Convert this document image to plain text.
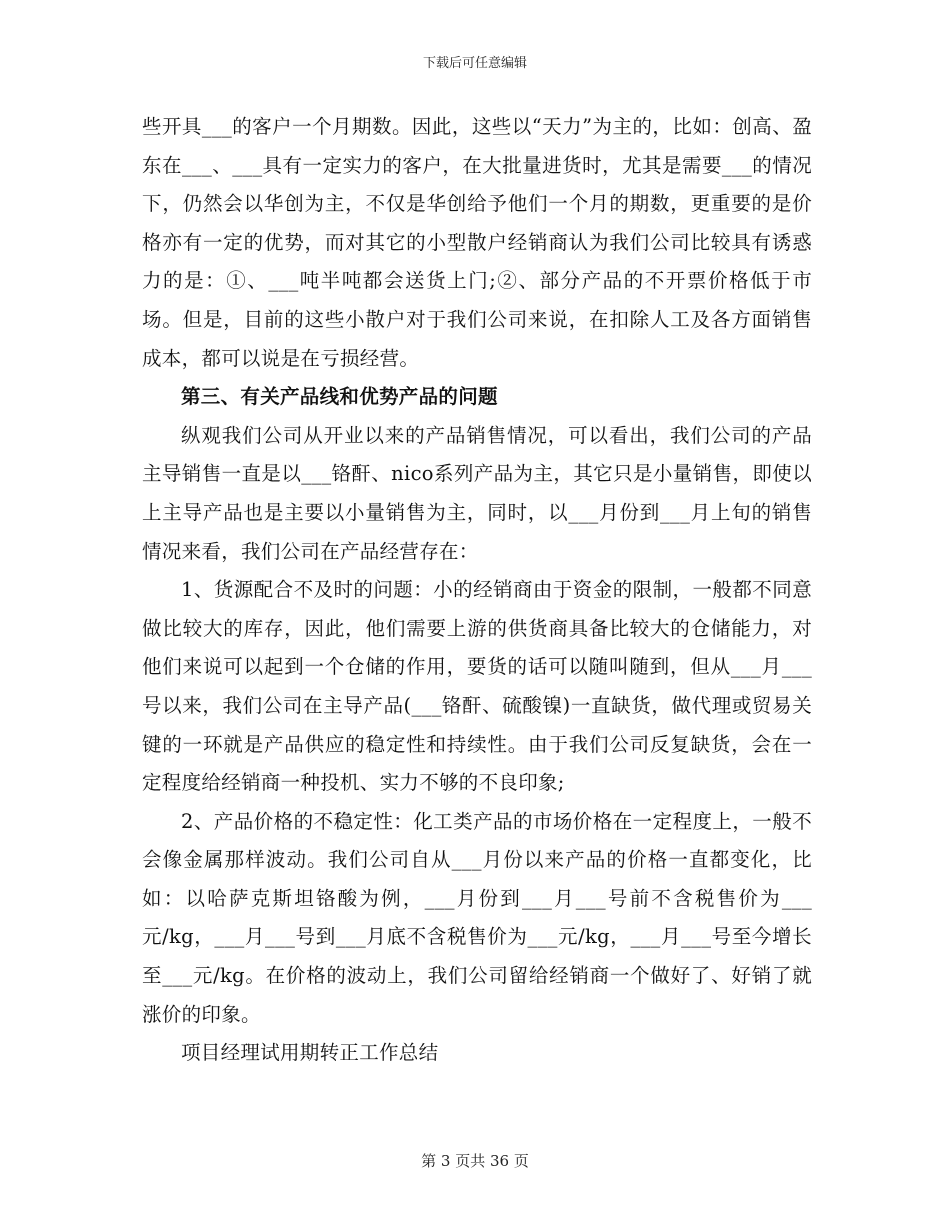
下载后可任意编辑

些开具___的客户一个月期数。因此，这些以“天力”为主的，比如：创高、盈东在___、___具有一定实力的客户，在大批量进货时，尤其是需要___的情况下，仍然会以华创为主，不仅是华创给予他们一个月的期数，更重要的是价格亦有一定的优势，而对其它的小型散户经销商认为我们公司比较具有诱惑力的是：①、___吨半吨都会送货上门;②、部分产品的不开票价格低于市场。但是，目前的这些小散户对于我们公司来说，在扣除人工及各方面销售成本，都可以说是在亏损经营。

第三、有关产品线和优势产品的问题

纵观我们公司从开业以来的产品销售情况，可以看出，我们公司的产品主导销售一直是以___铬酐、nico系列产品为主，其它只是小量销售，即使以上主导产品也是主要以小量销售为主，同时，以___月份到___月上旬的销售情况来看，我们公司在产品经营存在：

1、货源配合不及时的问题：小的经销商由于资金的限制，一般都不同意做比较大的库存，因此，他们需要上游的供货商具备比较大的仓储能力，对他们来说可以起到一个仓储的作用，要货的话可以随叫随到，但从___月___号以来，我们公司在主导产品(___铬酐、硫酸镍)一直缺货，做代理或贸易关键的一环就是产品供应的稳定性和持续性。由于我们公司反复缺货，会在一定程度给经销商一种投机、实力不够的不良印象;

2、产品价格的不稳定性：化工类产品的市场价格在一定程度上，一般不会像金属那样波动。我们公司自从___月份以来产品的价格一直都变化，比如：以哈萨克斯坦铬酸为例，___月份到___月___号前不含税售价为___元/kg，___月___号到___月底不含税售价为___元/kg，___月___号至今增长至___元/kg。在价格的波动上，我们公司留给经销商一个做好了、好销了就涨价的印象。

项目经理试用期转正工作总结

第 3 页共 36 页
